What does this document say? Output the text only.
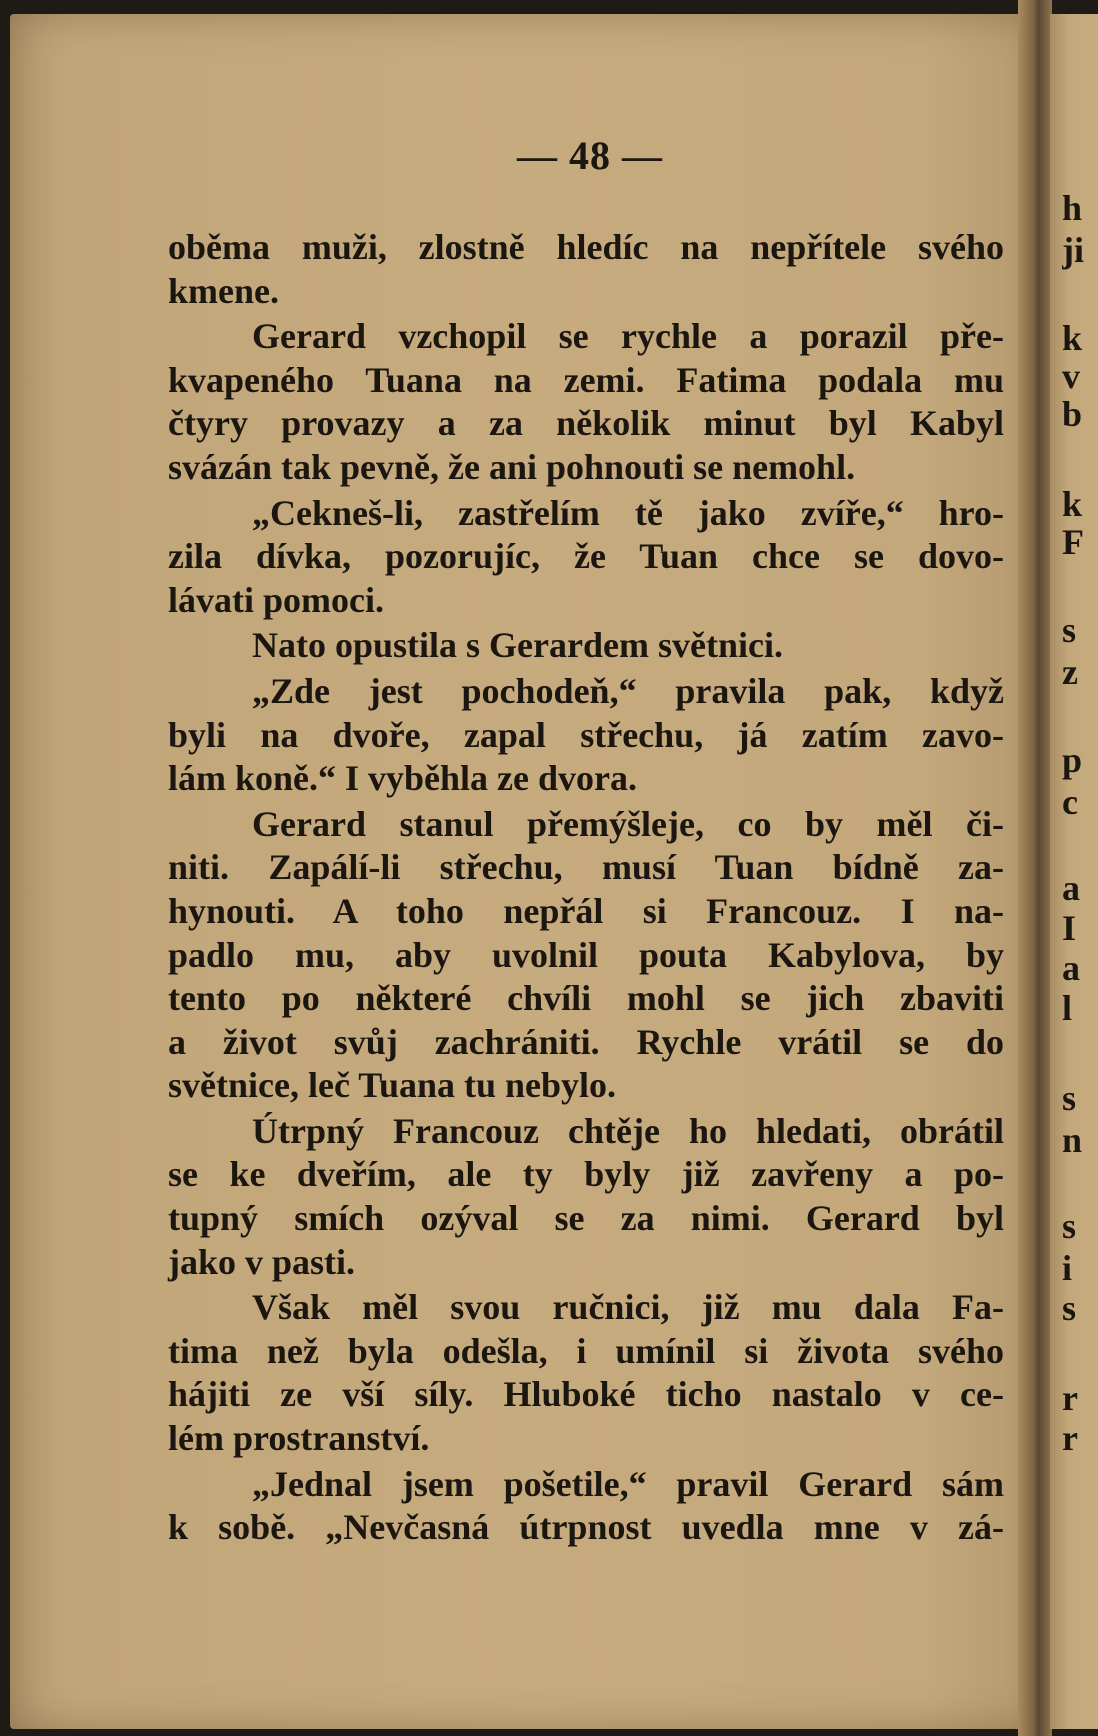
— 48 —
oběma muži, zlostně hledíc na nepřítele svého
kmene.
Gerard vzchopil se rychle a porazil pře-
kvapeného Tuana na zemi. Fatima podala mu
čtyry provazy a za několik minut byl Kabyl
svázán tak pevně, že ani pohnouti se nemohl.
„Cekneš-li, zastřelím tě jako zvíře,“ hro-
zila dívka, pozorujíc, že Tuan chce se dovo-
lávati pomoci.
Nato opustila s Gerardem světnici.
„Zde jest pochodeň,“ pravila pak, když
byli na dvoře, zapal střechu, já zatím zavo-
lám koně.“ I vyběhla ze dvora.
Gerard stanul přemýšleje, co by měl či-
niti. Zapálí-li střechu, musí Tuan bídně za-
hynouti. A toho nepřál si Francouz. I na-
padlo mu, aby uvolnil pouta Kabylova, by
tento po některé chvíli mohl se jich zbaviti
a život svůj zachrániti. Rychle vrátil se do
světnice, leč Tuana tu nebylo.
Útrpný Francouz chtěje ho hledati, obrátil
se ke dveřím, ale ty byly již zavřeny a po-
tupný smích ozýval se za nimi. Gerard byl
jako v pasti.
Však měl svou ručnici, již mu dala Fa-
tima než byla odešla, i umínil si života svého
hájiti ze vší síly. Hluboké ticho nastalo v ce-
lém prostranství.
„Jednal jsem pošetile,“ pravil Gerard sám
k sobě. „Nevčasná útrpnost uvedla mne v zá-
h
ji
k
v
b
k
F
s
z
p
c
a
I
a
l
s
n
s
i
s
r
r
